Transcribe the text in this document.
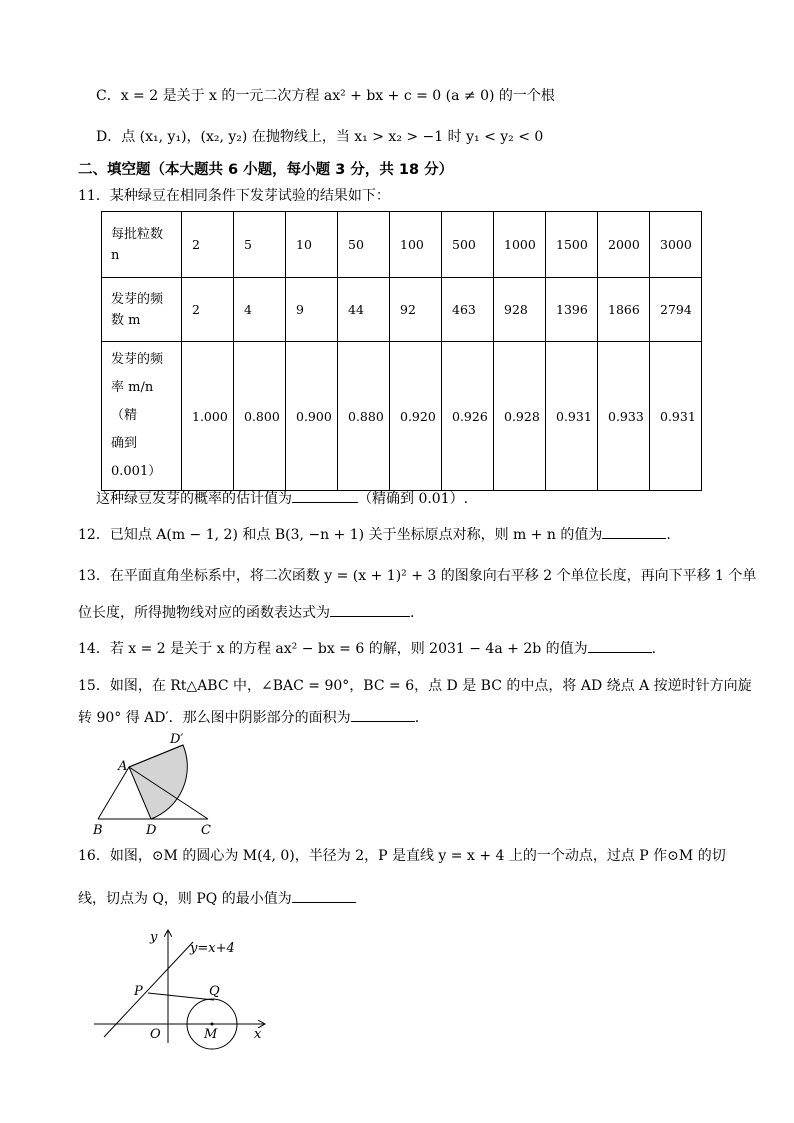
C．x = 2 是关于 x 的一元二次方程 ax² + bx + c = 0 (a ≠ 0) 的一个根
D．点 (x₁, y₁)，(x₂, y₂) 在抛物线上，当 x₁ > x₂ > −1 时 y₁ < y₂ < 0
二、填空题（本大题共 6 小题，每小题 3 分，共 18 分）
11．某种绿豆在相同条件下发芽试验的结果如下：
每批粒数
n	2	5	10	50	100	500	1000	1500	2000	3000
发芽的频
数 m	2	4	9	44	92	463	928	1396	1866	2794
发芽的频
率 m/n（精
确到
0.001）	1.000	0.800	0.900	0.880	0.920	0.926	0.928	0.931	0.933	0.931
这种绿豆发芽的概率的估计值为	（精确到 0.01）.
12．已知点 A(m − 1, 2) 和点 B(3, −n + 1) 关于坐标原点对称，则 m + n 的值为	.
13．在平面直角坐标系中，将二次函数 y = (x + 1)² + 3 的图象向右平移 2 个单位长度，再向下平移 1 个单
位长度，所得抛物线对应的函数表达式为	.
14．若 x = 2 是关于 x 的方程 ax² − bx = 6 的解，则 2031 − 4a + 2b 的值为	.
15．如图，在 Rt△ABC 中，∠BAC = 90°，BC = 6，点 D 是 BC 的中点，将 AD 绕点 A 按逆时针方向旋
转 90° 得 AD′．那么图中阴影部分的面积为	.
A
B	D	C
D′
16．如图，⊙M 的圆心为 M(4, 0)，半径为 2，P 是直线 y = x + 4 上的一个动点，过点 P 作⊙M 的切
线，切点为 Q，则 PQ 的最小值为
y
y=x+4
P	Q
O	M	x
